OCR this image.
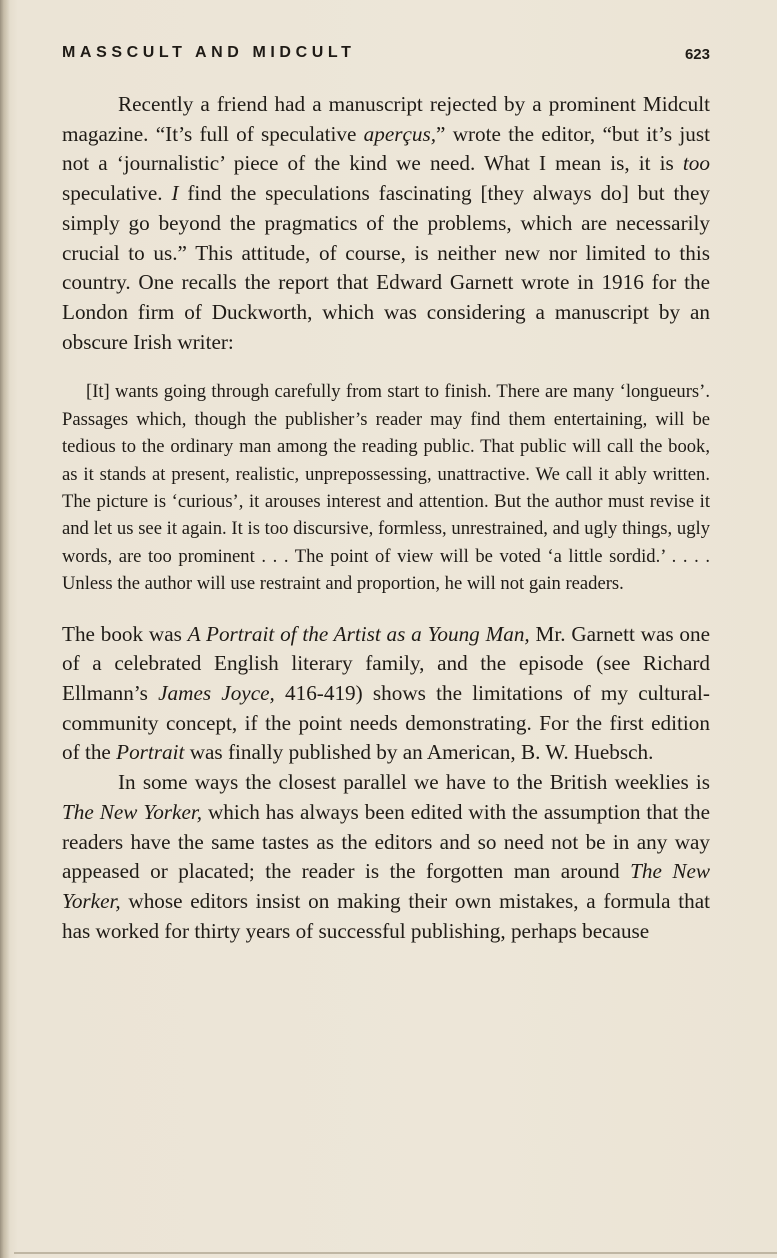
MASSCULT AND MIDCULT	623

Recently a friend had a manuscript rejected by a prominent Midcult magazine. “It’s full of speculative aperçus,” wrote the editor, “but it’s just not a ‘journalistic’ piece of the kind we need. What I mean is, it is too speculative. I find the speculations fascinating [they always do] but they simply go beyond the pragmatics of the problems, which are necessarily crucial to us.” This attitude, of course, is neither new nor limited to this country. One recalls the report that Edward Garnett wrote in 1916 for the London firm of Duckworth, which was considering a manuscript by an obscure Irish writer:

[It] wants going through carefully from start to finish. There are many ‘longueurs’. Passages which, though the publisher’s reader may find them entertaining, will be tedious to the ordinary man among the reading public. That public will call the book, as it stands at present, realistic, unprepossessing, unattractive. We call it ably written. The picture is ‘curious’, it arouses interest and attention. But the author must revise it and let us see it again. It is too discursive, formless, unrestrained, and ugly things, ugly words, are too prominent . . . The point of view will be voted ‘a little sordid.’ . . . . Unless the author will use restraint and proportion, he will not gain readers.

The book was A Portrait of the Artist as a Young Man, Mr. Garnett was one of a celebrated English literary family, and the episode (see Richard Ellmann’s James Joyce, 416-419) shows the limitations of my cultural-community concept, if the point needs demonstrating. For the first edition of the Portrait was finally published by an American, B. W. Huebsch.

In some ways the closest parallel we have to the British weeklies is The New Yorker, which has always been edited with the assumption that the readers have the same tastes as the editors and so need not be in any way appeased or placated; the reader is the forgotten man around The New Yorker, whose editors insist on making their own mistakes, a formula that has worked for thirty years of successful publishing, perhaps because
